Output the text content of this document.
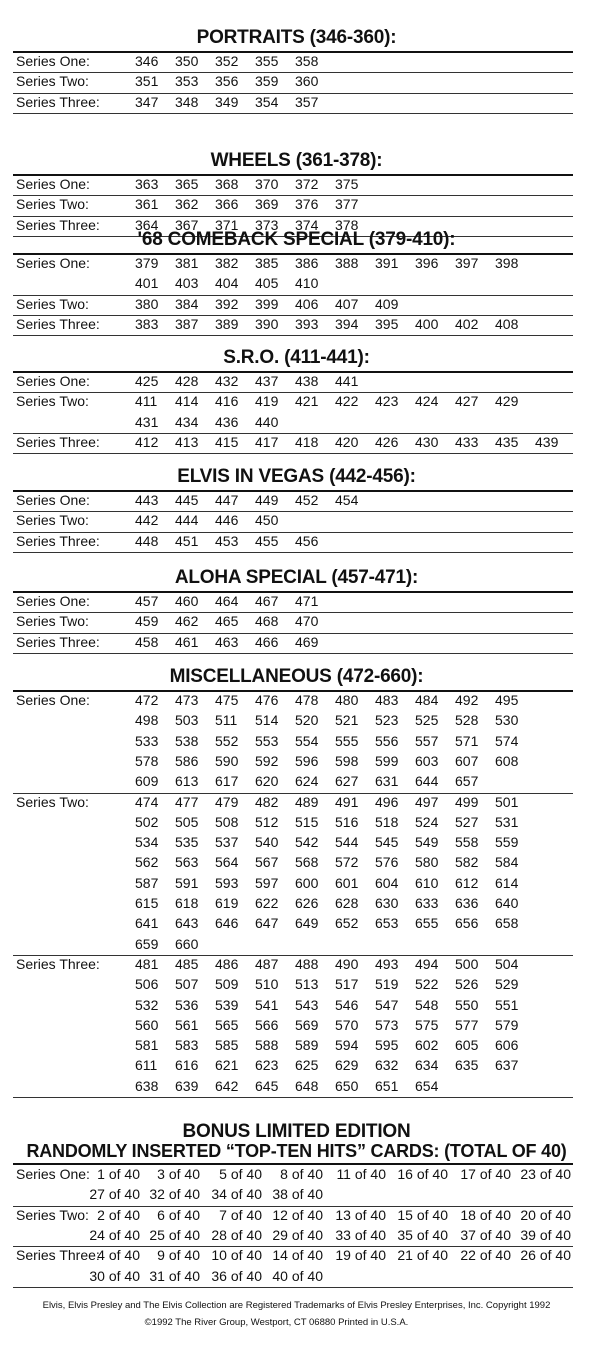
PORTRAITS (346-360):
Series One:	346 350 352 355 358
Series Two:	351 353 356 359 360
Series Three:	347 348 349 354 357
WHEELS (361-378):
Series One:	363 365 368 370 372 375
Series Two:	361 362 366 369 376 377
Series Three:	364 367 371 373 374 378
'68 COMEBACK SPECIAL (379-410):
Series One:	379 381 382 385 386 388 391 396 397 398
401 403 404 405 410
Series Two:	380 384 392 399 406 407 409
Series Three:	383 387 389 390 393 394 395 400 402 408
S.R.O. (411-441):
Series One:	425 428 432 437 438 441
Series Two:	411 414 416 419 421 422 423 424 427 429
431 434 436 440
Series Three:	412 413 415 417 418 420 426 430 433 435 439
ELVIS IN VEGAS (442-456):
Series One:	443 445 447 449 452 454
Series Two:	442 444 446 450
Series Three:	448 451 453 455 456
ALOHA SPECIAL (457-471):
Series One:	457 460 464 467 471
Series Two:	459 462 465 468 470
Series Three:	458 461 463 466 469
MISCELLANEOUS (472-660):
Series One:	472 473 475 476 478 480 483 484 492 495
498 503 511 514 520 521 523 525 528 530
533 538 552 553 554 555 556 557 571 574
578 586 590 592 596 598 599 603 607 608
609 613 617 620 624 627 631 644 657
Series Two:	474 477 479 482 489 491 496 497 499 501
502 505 508 512 515 516 518 524 527 531
534 535 537 540 542 544 545 549 558 559
562 563 564 567 568 572 576 580 582 584
587 591 593 597 600 601 604 610 612 614
615 618 619 622 626 628 630 633 636 640
641 643 646 647 649 652 653 655 656 658
659 660
Series Three:	481 485 486 487 488 490 493 494 500 504
506 507 509 510 513 517 519 522 526 529
532 536 539 541 543 546 547 548 550 551
560 561 565 566 569 570 573 575 577 579
581 583 585 588 589 594 595 602 605 606
611 616 621 623 625 629 632 634 635 637
638 639 642 645 648 650 651 654
BONUS LIMITED EDITION
RANDOMLY INSERTED “TOP-TEN HITS” CARDS: (TOTAL OF 40)
Series One: 1 of 40	3 of 40	5 of 40	8 of 40 11 of 40 16 of 40 17 of 40 23 of 40
27 of 40 32 of 40 34 of 40 38 of 40
Series Two: 2 of 40	6 of 40	7 of 40 12 of 40 13 of 40 15 of 40 18 of 40 20 of 40
24 of 40 25 of 40 28 of 40 29 of 40 33 of 40 35 of 40 37 of 40 39 of 40
Series Three:
4 of 40	9 of 40 10 of 40 14 of 40 19 of 40 21 of 40 22 of 40 26 of 40
30 of 40 31 of 40 36 of 40 40 of 40
Elvis, Elvis Presley and The Elvis Collection are Registered Trademarks of Elvis Presley Enterprises, Inc. Copyright 1992
©1992 The River Group, Westport, CT 06880 Printed in U.S.A.
